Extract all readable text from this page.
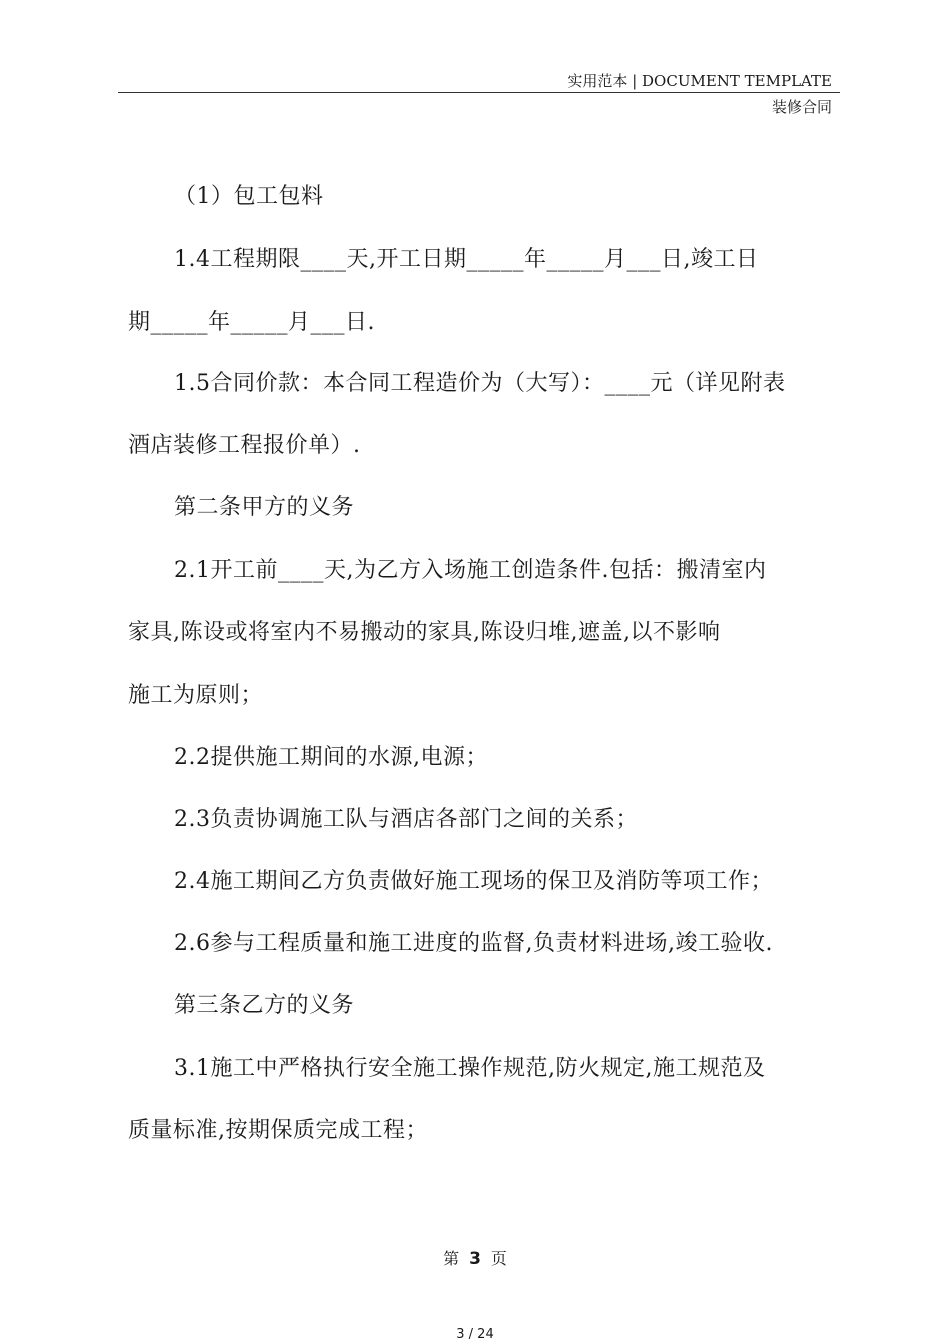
实用范本 | DOCUMENT TEMPLATE
装修合同
（1）包工包料
1.4工程期限____天,开工日期_____年_____月___日,竣工日
期_____年_____月___日.
1.5合同价款：本合同工程造价为（大写）：____元（详见附表
酒店装修工程报价单）.
第二条甲方的义务
2.1开工前____天,为乙方入场施工创造条件.包括：搬清室内
家具,陈设或将室内不易搬动的家具,陈设归堆,遮盖,以不影响
施工为原则；
2.2提供施工期间的水源,电源；
2.3负责协调施工队与酒店各部门之间的关系；
2.4施工期间乙方负责做好施工现场的保卫及消防等项工作；
2.6参与工程质量和施工进度的监督,负责材料进场,竣工验收.
第三条乙方的义务
3.1施工中严格执行安全施工操作规范,防火规定,施工规范及
质量标准,按期保质完成工程；
第 3 页
3 / 24
